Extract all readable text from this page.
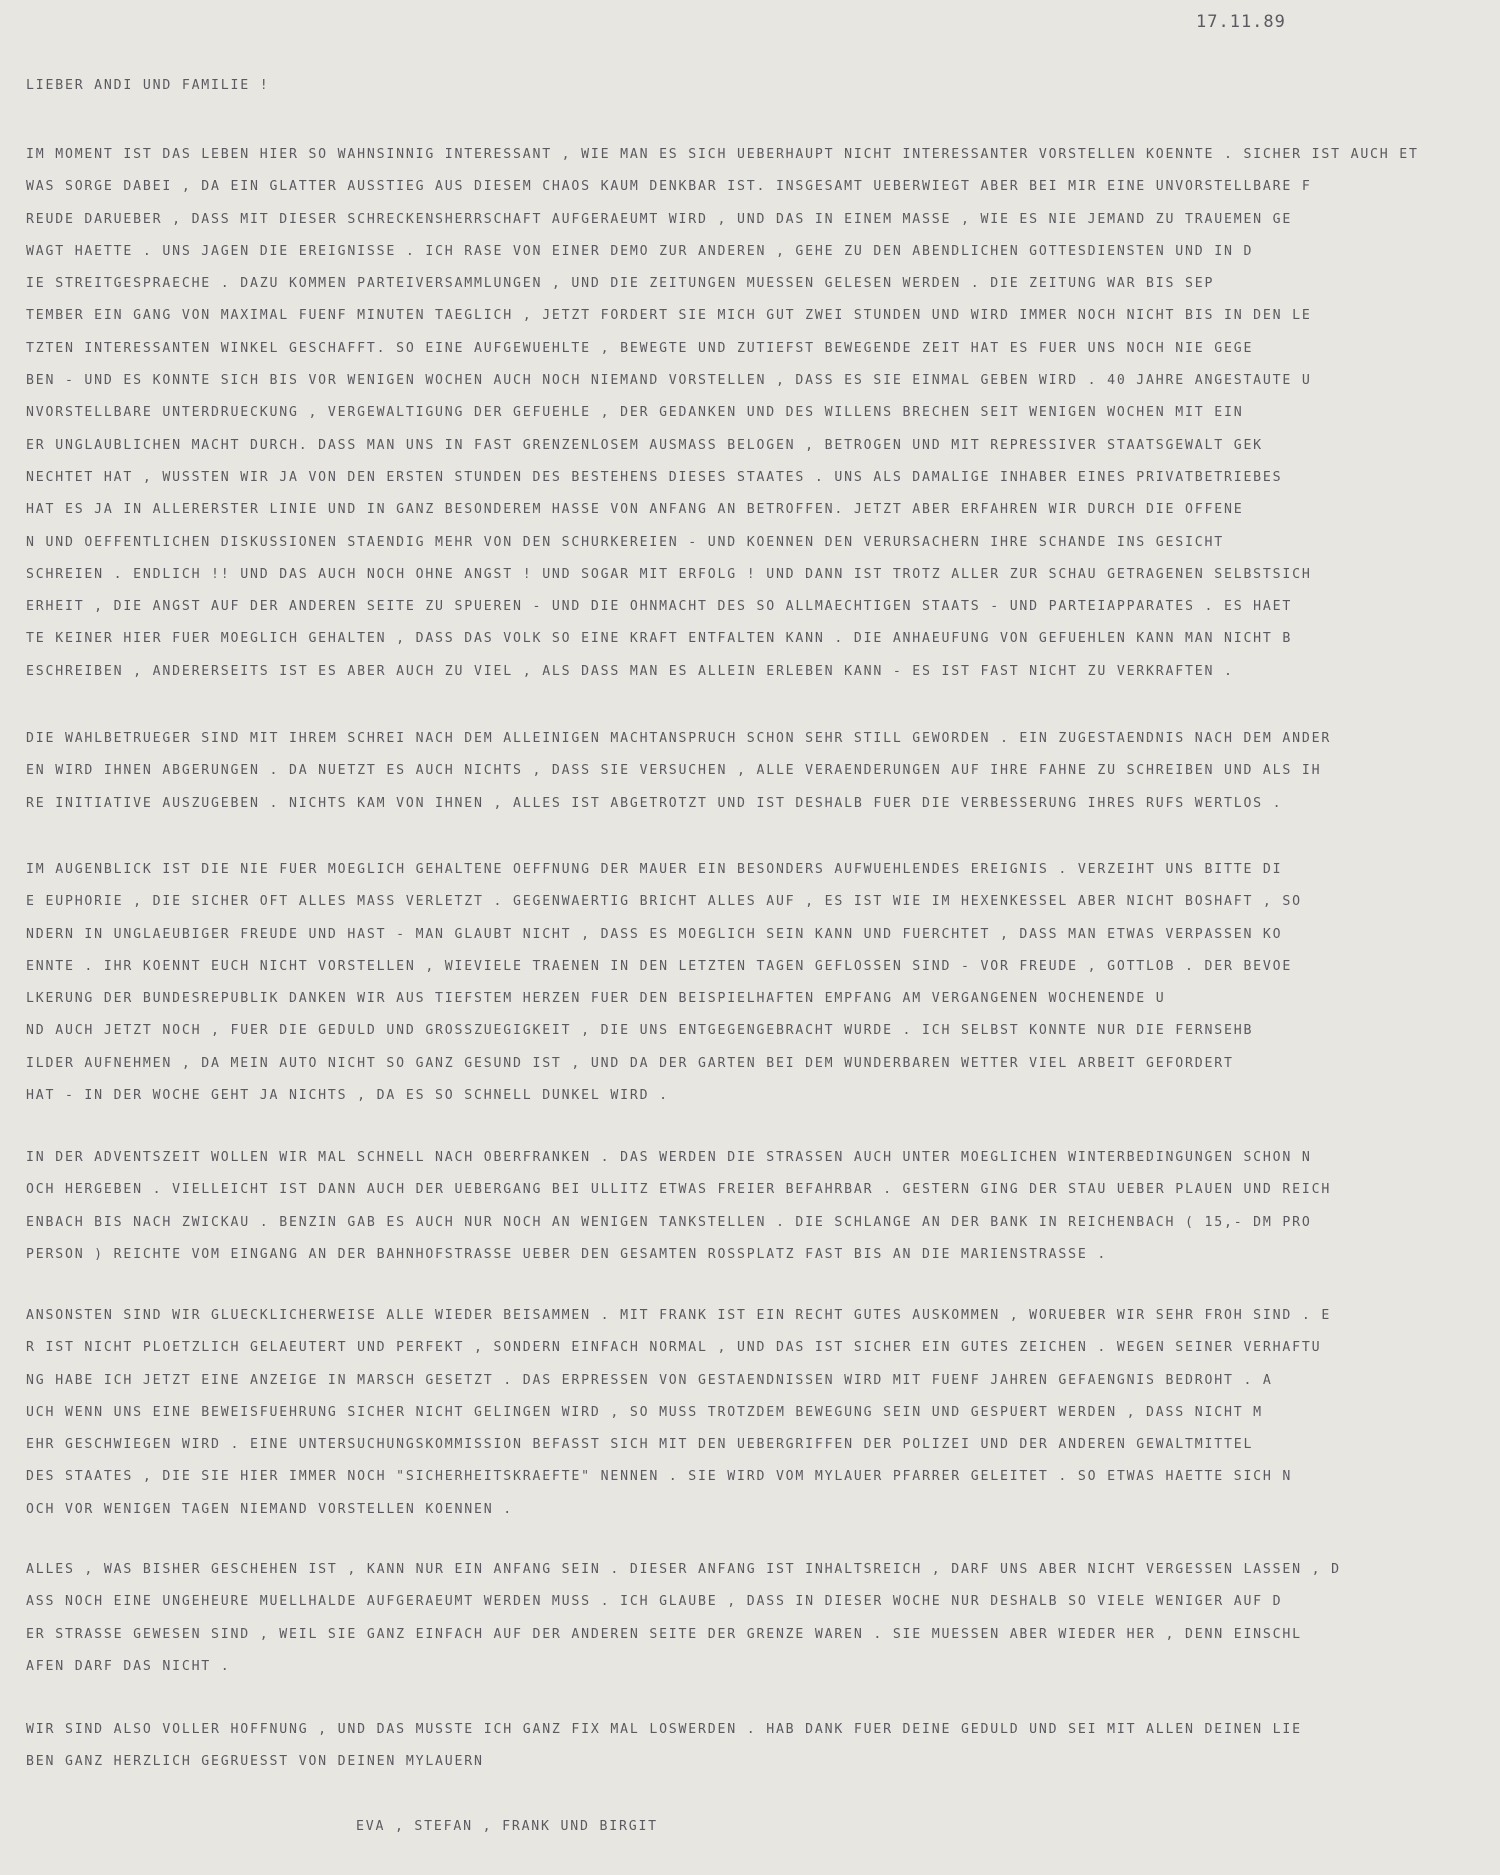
17.11.89
LIEBER ANDI UND FAMILIE !
IM MOMENT IST DAS LEBEN HIER SO WAHNSINNIG INTERESSANT , WIE MAN ES SICH UEBERHAUPT NICHT INTERESSANTER VORSTELLEN KOENNTE . SICHER IST AUCH ET
WAS SORGE DABEI , DA EIN GLATTER AUSSTIEG AUS DIESEM CHAOS KAUM DENKBAR IST. INSGESAMT UEBERWIEGT ABER BEI MIR EINE UNVORSTELLBARE F
REUDE DARUEBER , DASS MIT DIESER SCHRECKENSHERRSCHAFT AUFGERAEUMT WIRD , UND DAS IN EINEM MASSE , WIE ES NIE JEMAND ZU TRAUEMEN GE
WAGT HAETTE . UNS JAGEN DIE EREIGNISSE . ICH RASE VON EINER DEMO ZUR ANDEREN , GEHE ZU DEN ABENDLICHEN GOTTESDIENSTEN UND IN D
IE STREITGESPRAECHE . DAZU KOMMEN PARTEIVERSAMMLUNGEN , UND DIE ZEITUNGEN MUESSEN GELESEN WERDEN . DIE ZEITUNG WAR BIS SEP
TEMBER EIN GANG VON MAXIMAL FUENF MINUTEN TAEGLICH , JETZT FORDERT SIE MICH GUT ZWEI STUNDEN UND WIRD IMMER NOCH NICHT BIS IN DEN LE
TZTEN INTERESSANTEN WINKEL GESCHAFFT. SO EINE AUFGEWUEHLTE , BEWEGTE UND ZUTIEFST BEWEGENDE ZEIT HAT ES FUER UNS NOCH NIE GEGE
BEN - UND ES KONNTE SICH BIS VOR WENIGEN WOCHEN AUCH NOCH NIEMAND VORSTELLEN , DASS ES SIE EINMAL GEBEN WIRD . 40 JAHRE ANGESTAUTE U
NVORSTELLBARE UNTERDRUECKUNG , VERGEWALTIGUNG DER GEFUEHLE , DER GEDANKEN UND DES WILLENS BRECHEN SEIT WENIGEN WOCHEN MIT EIN
ER UNGLAUBLICHEN MACHT DURCH. DASS MAN UNS IN FAST GRENZENLOSEM AUSMASS BELOGEN , BETROGEN UND MIT REPRESSIVER STAATSGEWALT GEK
NECHTET HAT , WUSSTEN WIR JA VON DEN ERSTEN STUNDEN DES BESTEHENS DIESES STAATES . UNS ALS DAMALIGE INHABER EINES PRIVATBETRIEBES
HAT ES JA IN ALLERERSTER LINIE UND IN GANZ BESONDEREM HASSE VON ANFANG AN BETROFFEN. JETZT ABER ERFAHREN WIR DURCH DIE OFFENE
N UND OEFFENTLICHEN DISKUSSIONEN STAENDIG MEHR VON DEN SCHURKEREIEN - UND KOENNEN DEN VERURSACHERN IHRE SCHANDE INS GESICHT
SCHREIEN . ENDLICH !! UND DAS AUCH NOCH OHNE ANGST ! UND SOGAR MIT ERFOLG ! UND DANN IST TROTZ ALLER ZUR SCHAU GETRAGENEN SELBSTSICH
ERHEIT , DIE ANGST AUF DER ANDEREN SEITE ZU SPUEREN - UND DIE OHNMACHT DES SO ALLMAECHTIGEN STAATS - UND PARTEIAPPARATES . ES HAET
TE KEINER HIER FUER MOEGLICH GEHALTEN , DASS DAS VOLK SO EINE KRAFT ENTFALTEN KANN . DIE ANHAEUFUNG VON GEFUEHLEN KANN MAN NICHT B
ESCHREIBEN , ANDERERSEITS IST ES ABER AUCH ZU VIEL , ALS DASS MAN ES ALLEIN ERLEBEN KANN - ES IST FAST NICHT ZU VERKRAFTEN .
DIE WAHLBETRUEGER SIND MIT IHREM SCHREI NACH DEM ALLEINIGEN MACHTANSPRUCH SCHON SEHR STILL GEWORDEN . EIN ZUGESTAENDNIS NACH DEM ANDER
EN WIRD IHNEN ABGERUNGEN . DA NUETZT ES AUCH NICHTS , DASS SIE VERSUCHEN , ALLE VERAENDERUNGEN AUF IHRE FAHNE ZU SCHREIBEN UND ALS IH
RE INITIATIVE AUSZUGEBEN . NICHTS KAM VON IHNEN , ALLES IST ABGETROTZT UND IST DESHALB FUER DIE VERBESSERUNG IHRES RUFS WERTLOS .
IM AUGENBLICK IST DIE NIE FUER MOEGLICH GEHALTENE OEFFNUNG DER MAUER EIN BESONDERS AUFWUEHLENDES EREIGNIS . VERZEIHT UNS BITTE DI
E EUPHORIE , DIE SICHER OFT ALLES MASS VERLETZT . GEGENWAERTIG BRICHT ALLES AUF , ES IST WIE IM HEXENKESSEL ABER NICHT BOSHAFT , SO
NDERN IN UNGLAEUBIGER FREUDE UND HAST - MAN GLAUBT NICHT , DASS ES MOEGLICH SEIN KANN UND FUERCHTET , DASS MAN ETWAS VERPASSEN KO
ENNTE . IHR KOENNT EUCH NICHT VORSTELLEN , WIEVIELE TRAENEN IN DEN LETZTEN TAGEN GEFLOSSEN SIND - VOR FREUDE , GOTTLOB . DER BEVOE
LKERUNG DER BUNDESREPUBLIK DANKEN WIR AUS TIEFSTEM HERZEN FUER DEN BEISPIELHAFTEN EMPFANG AM VERGANGENEN WOCHENENDE U
ND AUCH JETZT NOCH , FUER DIE GEDULD UND GROSSZUEGIGKEIT , DIE UNS ENTGEGENGEBRACHT WURDE . ICH SELBST KONNTE NUR DIE FERNSEHB
ILDER AUFNEHMEN , DA MEIN AUTO NICHT SO GANZ GESUND IST , UND DA DER GARTEN BEI DEM WUNDERBAREN WETTER VIEL ARBEIT GEFORDERT
HAT - IN DER WOCHE GEHT JA NICHTS , DA ES SO SCHNELL DUNKEL WIRD .
IN DER ADVENTSZEIT WOLLEN WIR MAL SCHNELL NACH OBERFRANKEN . DAS WERDEN DIE STRASSEN AUCH UNTER MOEGLICHEN WINTERBEDINGUNGEN SCHON N
OCH HERGEBEN . VIELLEICHT IST DANN AUCH DER UEBERGANG BEI ULLITZ ETWAS FREIER BEFAHRBAR . GESTERN GING DER STAU UEBER PLAUEN UND REICH
ENBACH BIS NACH ZWICKAU . BENZIN GAB ES AUCH NUR NOCH AN WENIGEN TANKSTELLEN . DIE SCHLANGE AN DER BANK IN REICHENBACH ( 15,- DM PRO
PERSON ) REICHTE VOM EINGANG AN DER BAHNHOFSTRASSE UEBER DEN GESAMTEN ROSSPLATZ FAST BIS AN DIE MARIENSTRASSE .
ANSONSTEN SIND WIR GLUECKLICHERWEISE ALLE WIEDER BEISAMMEN . MIT FRANK IST EIN RECHT GUTES AUSKOMMEN , WORUEBER WIR SEHR FROH SIND . E
R IST NICHT PLOETZLICH GELAEUTERT UND PERFEKT , SONDERN EINFACH NORMAL , UND DAS IST SICHER EIN GUTES ZEICHEN . WEGEN SEINER VERHAFTU
NG HABE ICH JETZT EINE ANZEIGE IN MARSCH GESETZT . DAS ERPRESSEN VON GESTAENDNISSEN WIRD MIT FUENF JAHREN GEFAENGNIS BEDROHT . A
UCH WENN UNS EINE BEWEISFUEHRUNG SICHER NICHT GELINGEN WIRD , SO MUSS TROTZDEM BEWEGUNG SEIN UND GESPUERT WERDEN , DASS NICHT M
EHR GESCHWIEGEN WIRD . EINE UNTERSUCHUNGSKOMMISSION BEFASST SICH MIT DEN UEBERGRIFFEN DER POLIZEI UND DER ANDEREN GEWALTMITTEL
DES STAATES , DIE SIE HIER IMMER NOCH "SICHERHEITSKRAEFTE" NENNEN . SIE WIRD VOM MYLAUER PFARRER GELEITET . SO ETWAS HAETTE SICH N
OCH VOR WENIGEN TAGEN NIEMAND VORSTELLEN KOENNEN .
ALLES , WAS BISHER GESCHEHEN IST , KANN NUR EIN ANFANG SEIN . DIESER ANFANG IST INHALTSREICH , DARF UNS ABER NICHT VERGESSEN LASSEN , D
ASS NOCH EINE UNGEHEURE MUELLHALDE AUFGERAEUMT WERDEN MUSS . ICH GLAUBE , DASS IN DIESER WOCHE NUR DESHALB SO VIELE WENIGER AUF D
ER STRASSE GEWESEN SIND , WEIL SIE GANZ EINFACH AUF DER ANDEREN SEITE DER GRENZE WAREN . SIE MUESSEN ABER WIEDER HER , DENN EINSCHL
AFEN DARF DAS NICHT .
WIR SIND ALSO VOLLER HOFFNUNG , UND DAS MUSSTE ICH GANZ FIX MAL LOSWERDEN . HAB DANK FUER DEINE GEDULD UND SEI MIT ALLEN DEINEN LIE
BEN GANZ HERZLICH GEGRUESST VON DEINEN MYLAUERN
EVA , STEFAN , FRANK UND BIRGIT
